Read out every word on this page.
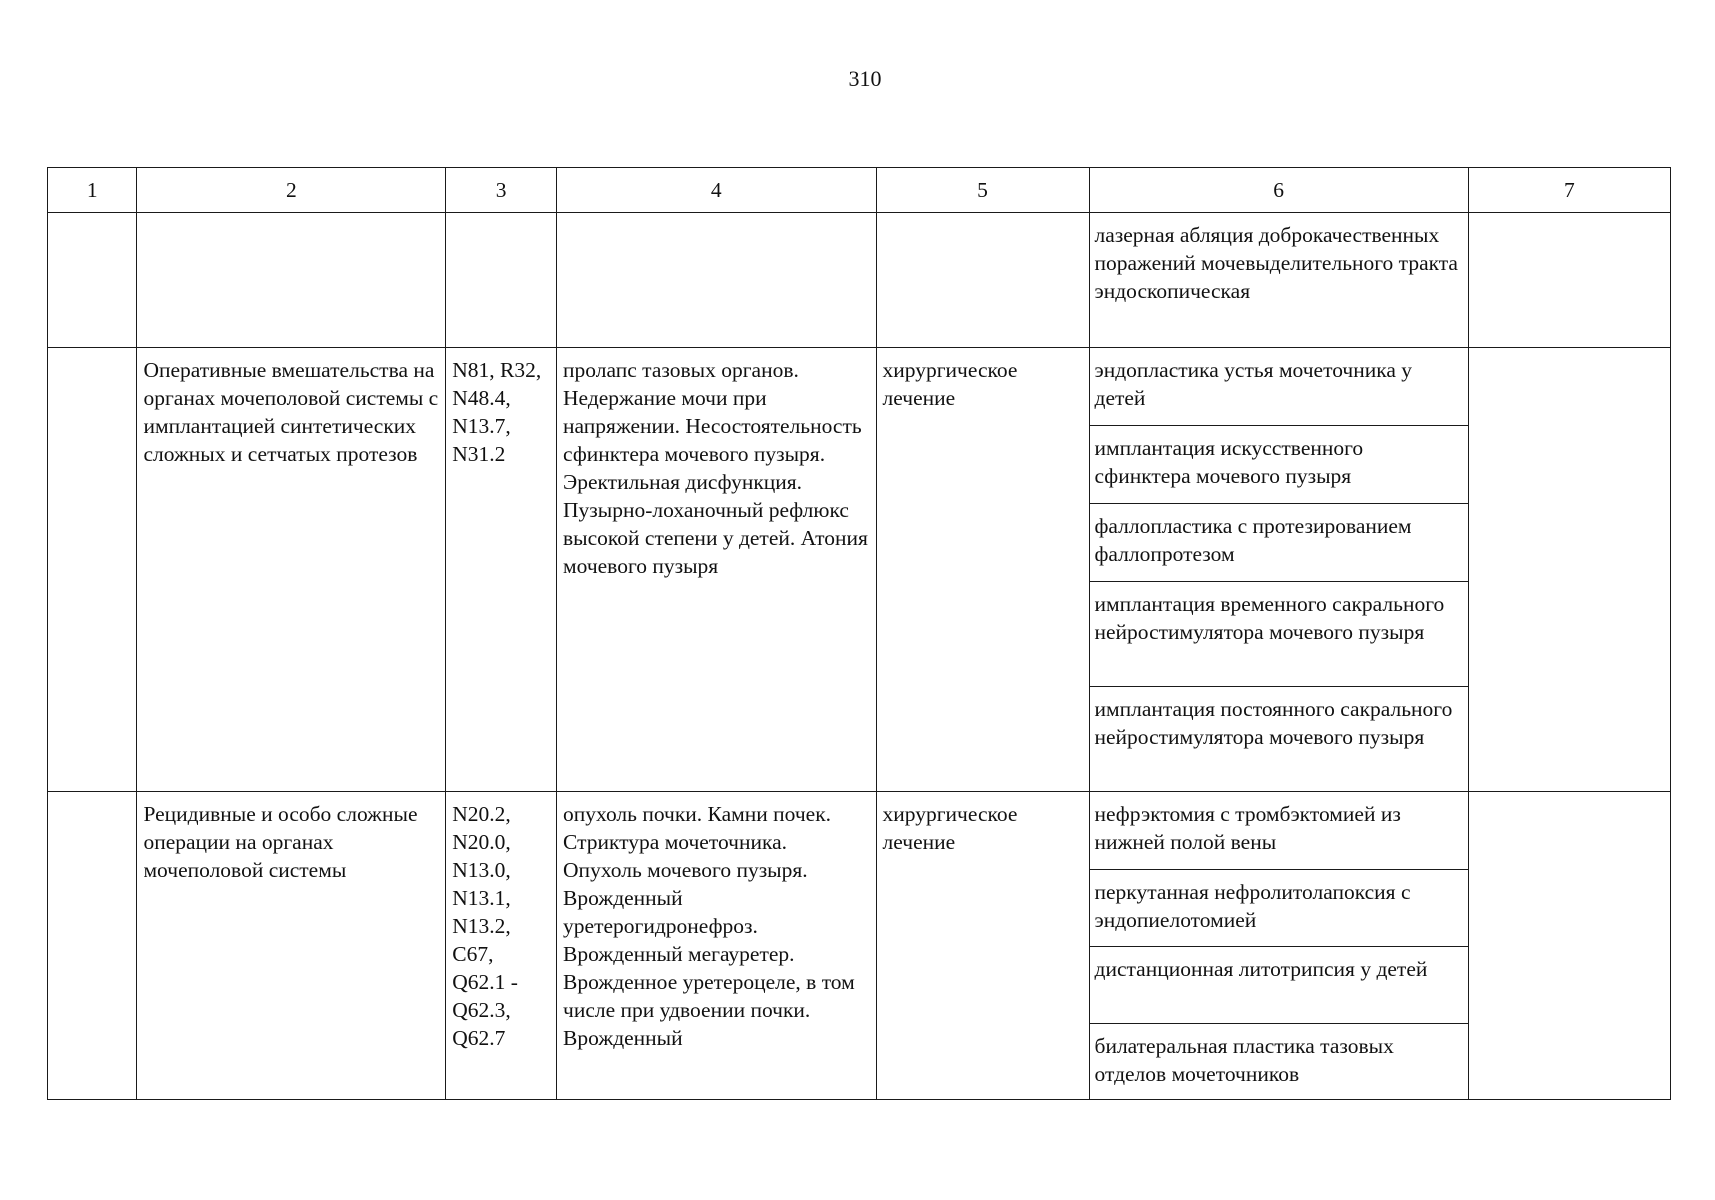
310
1	2	3	4	5	6	7
					лазерная абляция доброкачественных поражений мочевыделительного тракта эндоскопическая	
	Оперативные вмешательства на органах мочеполовой системы с имплантацией синтетических сложных и сетчатых протезов	N81, R32, N48.4, N13.7, N31.2	пролапс тазовых органов. Недержание мочи при напряжении. Несостоятельность сфинктера мочевого пузыря. Эректильная дисфункция. Пузырно-лоханочный рефлюкс высокой степени у детей. Атония мочевого пузыря	хирургическое лечение	эндопластика устья мочеточника у детей	
					имплантация искусственного сфинктера мочевого пузыря	
					фаллопластика с протезированием фаллопротезом	
					имплантация временного сакрального нейростимулятора мочевого пузыря	
					имплантация постоянного сакрального нейростимулятора мочевого пузыря	
	Рецидивные и особо сложные операции на органах мочеполовой системы	N20.2, N20.0, N13.0, N13.1, N13.2, C67, Q62.1 - Q62.3, Q62.7	опухоль почки. Камни почек. Стриктура мочеточника. Опухоль мочевого пузыря. Врожденный уретерогидронефроз. Врожденный мегауретер. Врожденное уретероцеле, в том числе при удвоении почки. Врожденный	хирургическое лечение	нефрэктомия с тромбэктомией из нижней полой вены	
					перкутанная нефролитолапоксия с эндопиелотомией	
					дистанционная литотрипсия у детей	
					билатеральная пластика тазовых отделов мочеточников	
